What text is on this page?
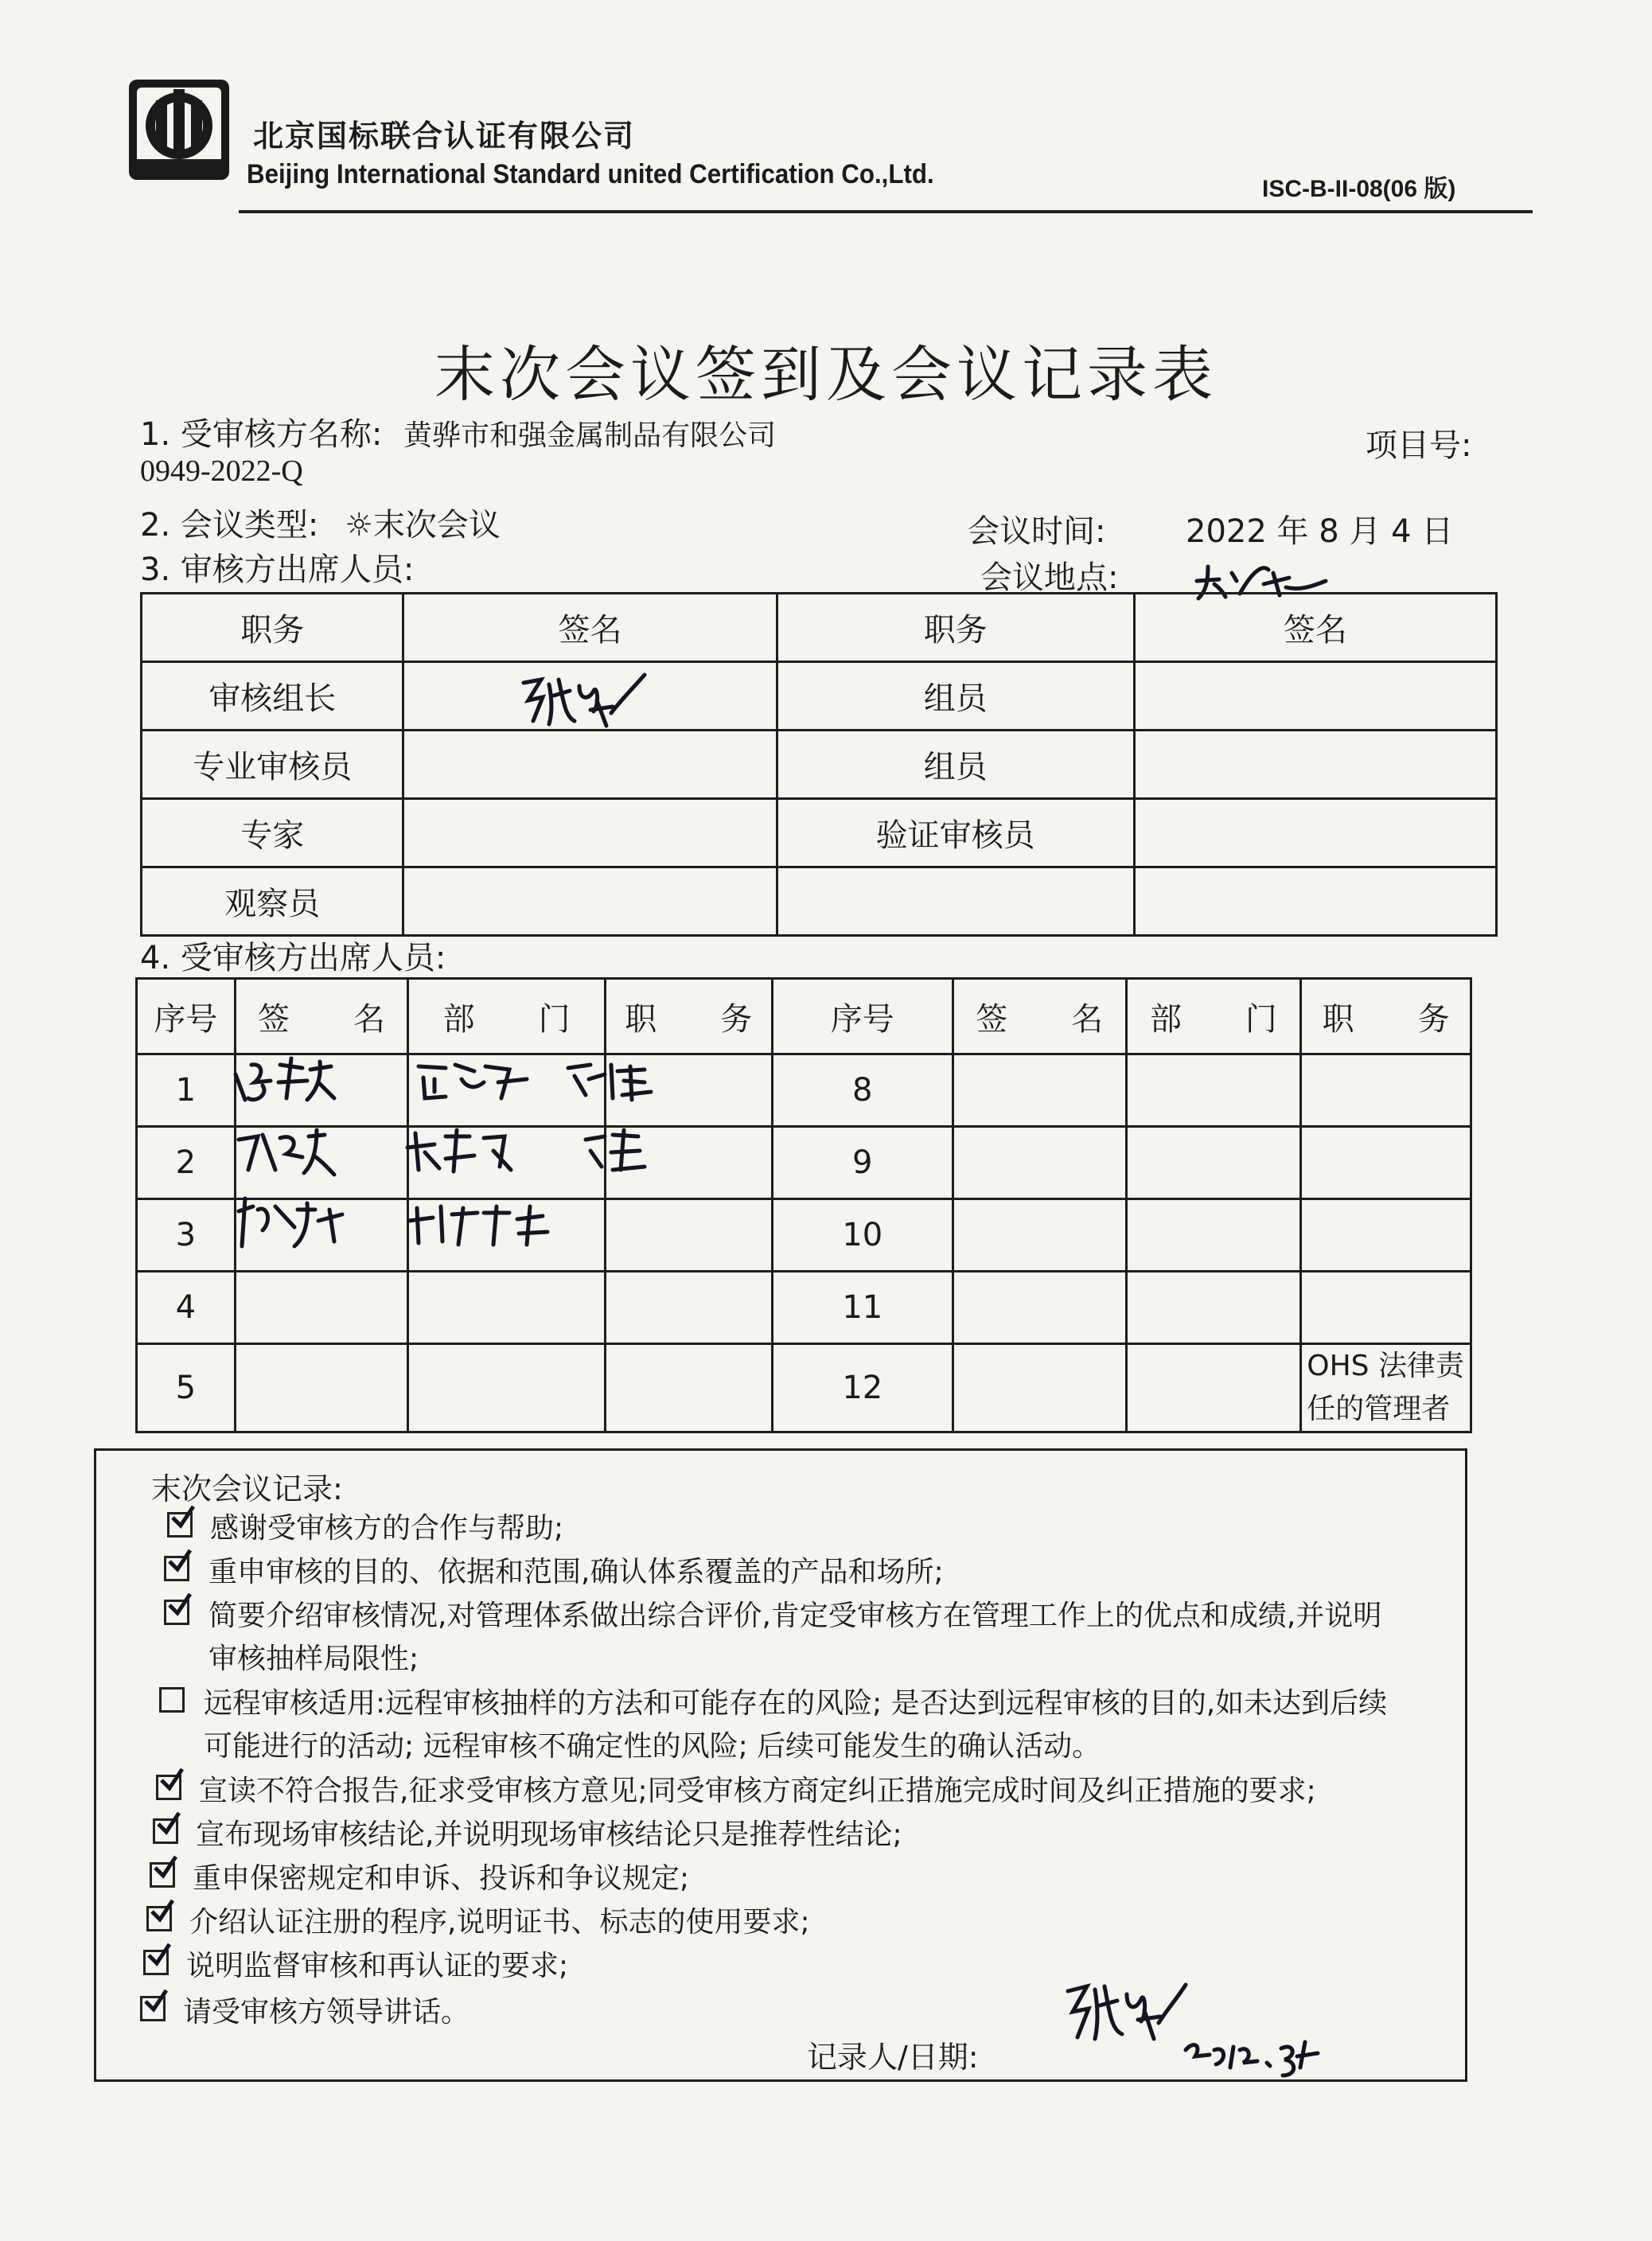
北京国标联合认证有限公司
Beijing International Standard united Certification Co.,Ltd.	ISC-B-II-08(06 版)
末次会议签到及会议记录表
1. 受审核方名称: 黄骅市和强金属制品有限公司	项目号:
0949-2022-Q
2. 会议类型: ☼末次会议	会议时间:	2022 年 8 月 4 日
3. 审核方出席人员:	会议地点:
职务	签名	职务	签名
审核组长		组员	
专业审核员		组员	
专家		验证审核员	
观察员			
4. 受审核方出席人员:
序号	签　　名	部　　门	职　　务	序号	签　　名	部　　门	职　　务
1				8			
2				9			
3				10			
4				11			
5				12			OHS 法律责任的管理者
末次会议记录:
感谢受审核方的合作与帮助;
重申审核的目的、依据和范围,确认体系覆盖的产品和场所;
简要介绍审核情况,对管理体系做出综合评价,肯定受审核方在管理工作上的优点和成绩,并说明
审核抽样局限性;
远程审核适用:远程审核抽样的方法和可能存在的风险; 是否达到远程审核的目的,如未达到后续
可能进行的活动; 远程审核不确定性的风险; 后续可能发生的确认活动。
宣读不符合报告,征求受审核方意见;同受审核方商定纠正措施完成时间及纠正措施的要求;
宣布现场审核结论,并说明现场审核结论只是推荐性结论;
重申保密规定和申诉、投诉和争议规定;
介绍认证注册的程序,说明证书、标志的使用要求;
说明监督审核和再认证的要求;
请受审核方领导讲话。
记录人/日期:
